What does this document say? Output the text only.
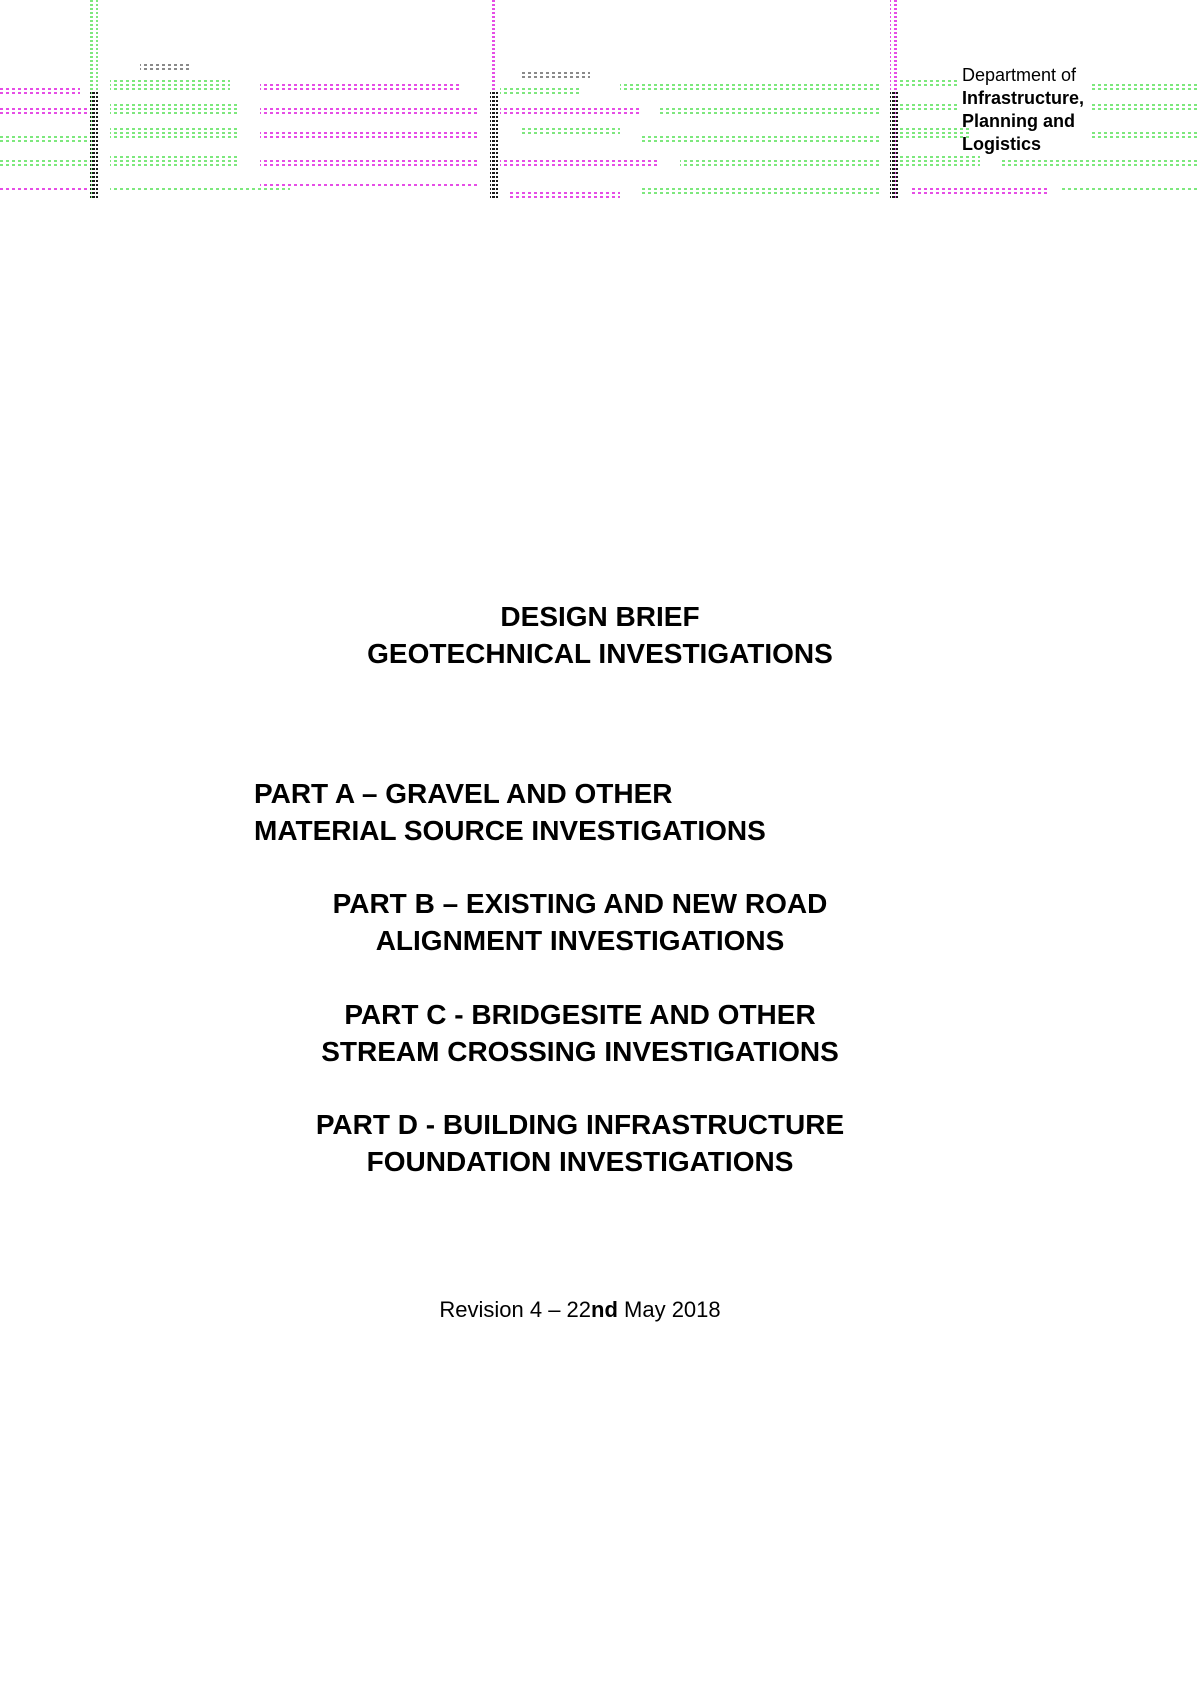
Department of
Infrastructure,
Planning and
Logistics
DESIGN BRIEF
GEOTECHNICAL INVESTIGATIONS
PART A – GRAVEL AND OTHER
MATERIAL SOURCE INVESTIGATIONS
PART B – EXISTING AND NEW ROAD
ALIGNMENT INVESTIGATIONS
PART C - BRIDGESITE AND OTHER
STREAM CROSSING INVESTIGATIONS
PART D - BUILDING INFRASTRUCTURE
FOUNDATION INVESTIGATIONS
Revision 4 – 22nd May 2018
